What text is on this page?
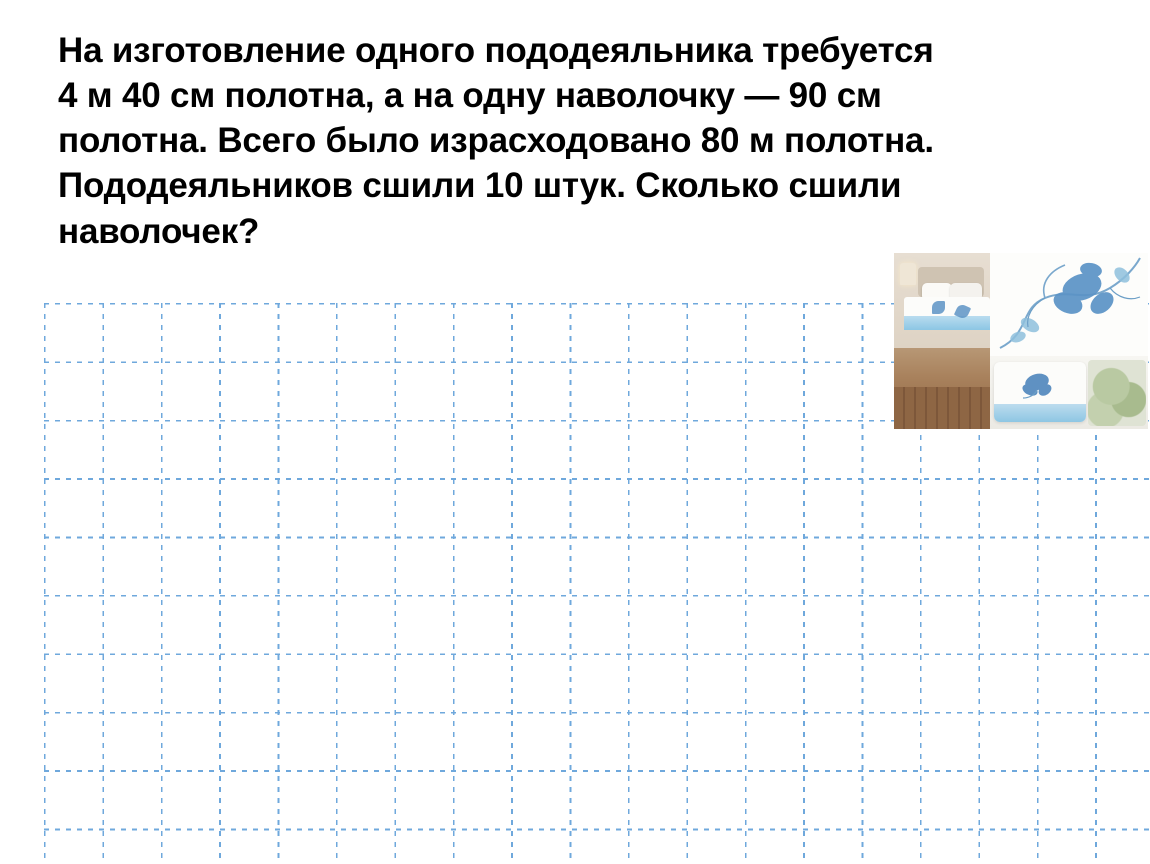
На изготовление одного пододеяльника требуется
4 м 40 см полотна, а на одну наволочку — 90 см
полотна. Всего было израсходовано 80 м полотна.
Пододеяльников сшили 10 штук. Сколько сшили
наволочек?
